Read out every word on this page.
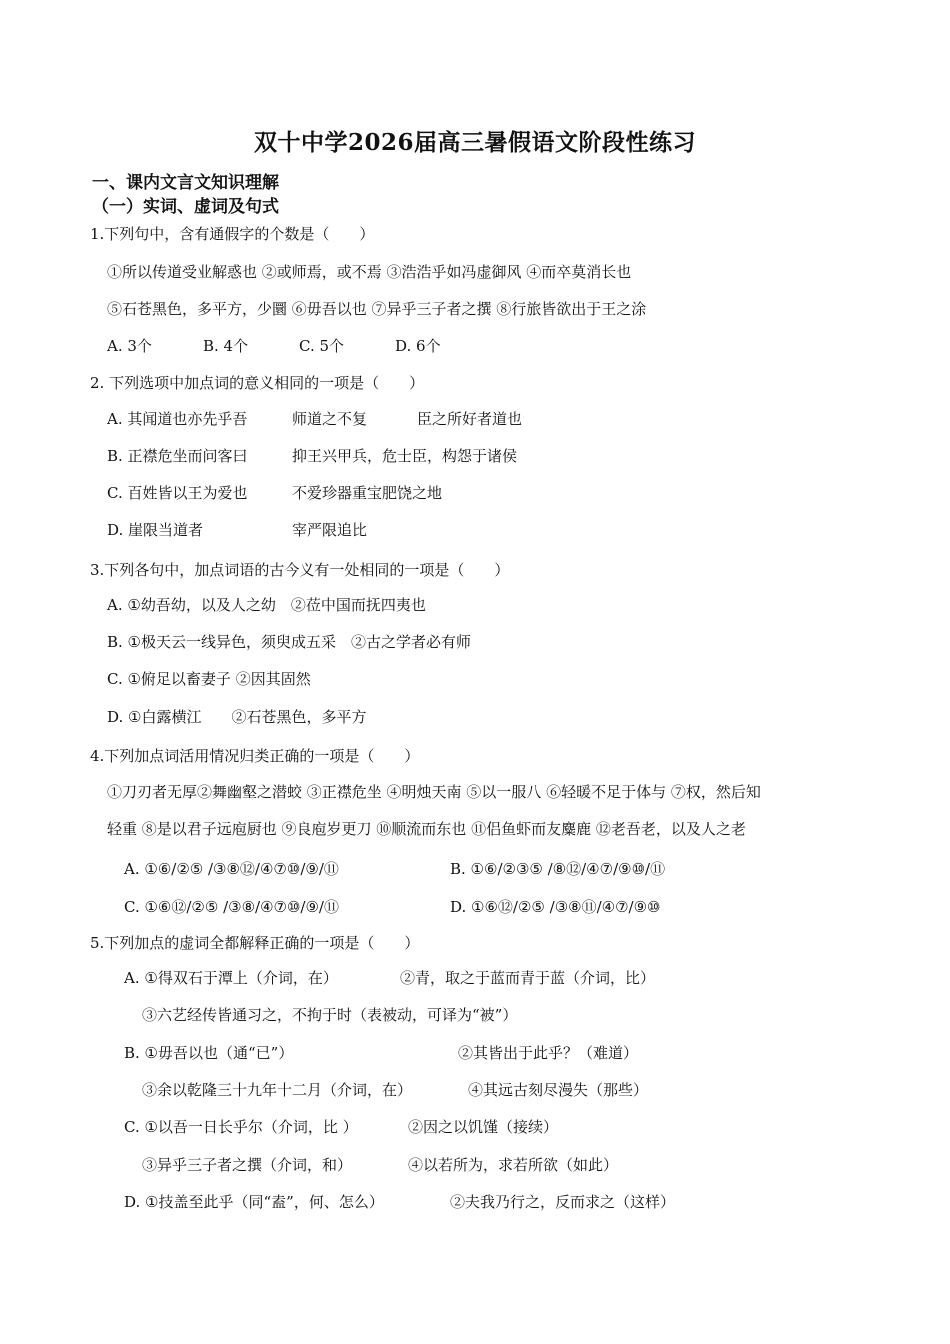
双十中学2026届高三暑假语文阶段性练习
一、课内文言文知识理解
（一）实词、虚词及句式
1.下列句中，含有通假字的个数是（　　）
①所以传道受业解惑也 ②或师焉，或不焉 ③浩浩乎如冯虚御风 ④而卒莫消长也
⑤石苍黑色，多平方，少圜 ⑥毋吾以也 ⑦异乎三子者之撰 ⑧行旅皆欲出于王之涂
A. 3个	B. 4个	C. 5个	D. 6个
2. 下列选项中加点词的意义相同的一项是（　　）
A. 其闻道也亦先乎吾	师道之不复	臣之所好者道也
B. 正襟危坐而问客曰	抑王兴甲兵，危士臣，构怨于诸侯
C. 百姓皆以王为爱也	不爱珍器重宝肥饶之地
D. 崖限当道者	宰严限追比
3.下列各句中，加点词语的古今义有一处相同的一项是（　　）
A. ①幼吾幼，以及人之幼　②莅中国而抚四夷也
B. ①极天云一线异色，须臾成五采　②古之学者必有师
C. ①俯足以畜妻子 ②因其固然
D. ①白露横江　　②石苍黑色，多平方
4.下列加点词活用情况归类正确的一项是（　　）
①刀刃者无厚②舞幽壑之潜蛟 ③正襟危坐 ④明烛天南 ⑤以一服八 ⑥轻暖不足于体与 ⑦权，然后知
轻重 ⑧是以君子远庖厨也 ⑨良庖岁更刀 ⑩顺流而东也 ⑪侣鱼虾而友麋鹿 ⑫老吾老，以及人之老
A. ①⑥/②⑤ /③⑧⑫/④⑦⑩/⑨/⑪	B. ①⑥/②③⑤ /⑧⑫/④⑦/⑨⑩/⑪
C. ①⑥⑫/②⑤ /③⑧/④⑦⑩/⑨/⑪	D. ①⑥⑫/②⑤ /③⑧⑪/④⑦/⑨⑩
5.下列加点的虚词全都解释正确的一项是（　　）
A. ①得双石于潭上（介词，在）	②青，取之于蓝而青于蓝（介词，比）
③六艺经传皆通习之，不拘于时（表被动，可译为“被”）
B. ①毋吾以也（通“已”）	②其皆出于此乎？（难道）
③余以乾隆三十九年十二月（介词，在）	④其远古刻尽漫失（那些）
C. ①以吾一日长乎尔（介词，比 ）	②因之以饥馑（接续）
③异乎三子者之撰（介词，和）	④以若所为，求若所欲（如此）
D. ①技盖至此乎（同“盍”，何、怎么）	②夫我乃行之，反而求之（这样）
